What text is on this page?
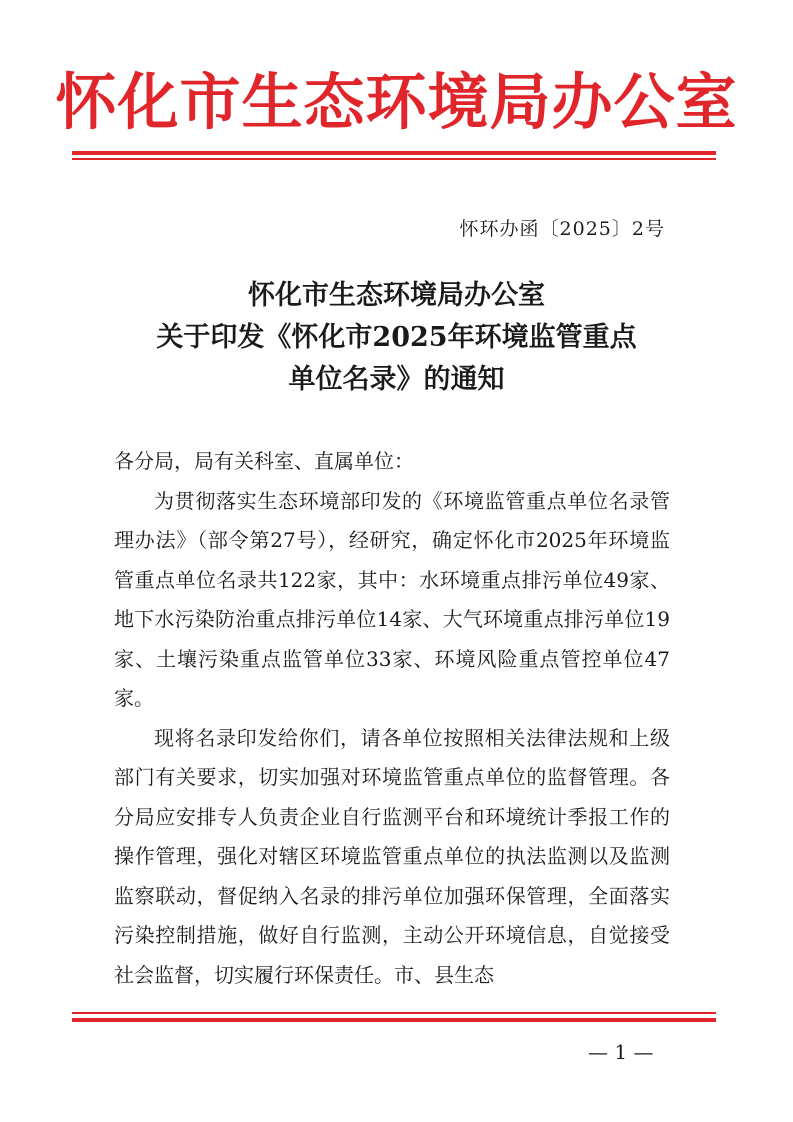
怀化市生态环境局办公室
怀环办函〔2025〕2号
怀化市生态环境局办公室
关于印发《怀化市2025年环境监管重点
单位名录》的通知

各分局，局有关科室、直属单位：

为贯彻落实生态环境部印发的《环境监管重点单位名录管理办法》（部令第27号），经研究，确定怀化市2025年环境监管重点单位名录共122家，其中：水环境重点排污单位49家、地下水污染防治重点排污单位14家、大气环境重点排污单位19家、土壤污染重点监管单位33家、环境风险重点管控单位47家。

现将名录印发给你们，请各单位按照相关法律法规和上级部门有关要求，切实加强对环境监管重点单位的监督管理。各分局应安排专人负责企业自行监测平台和环境统计季报工作的操作管理，强化对辖区环境监管重点单位的执法监测以及监测监察联动，督促纳入名录的排污单位加强环保管理，全面落实污染控制措施，做好自行监测，主动公开环境信息，自觉接受社会监督，切实履行环保责任。市、县生态

— 1 —
